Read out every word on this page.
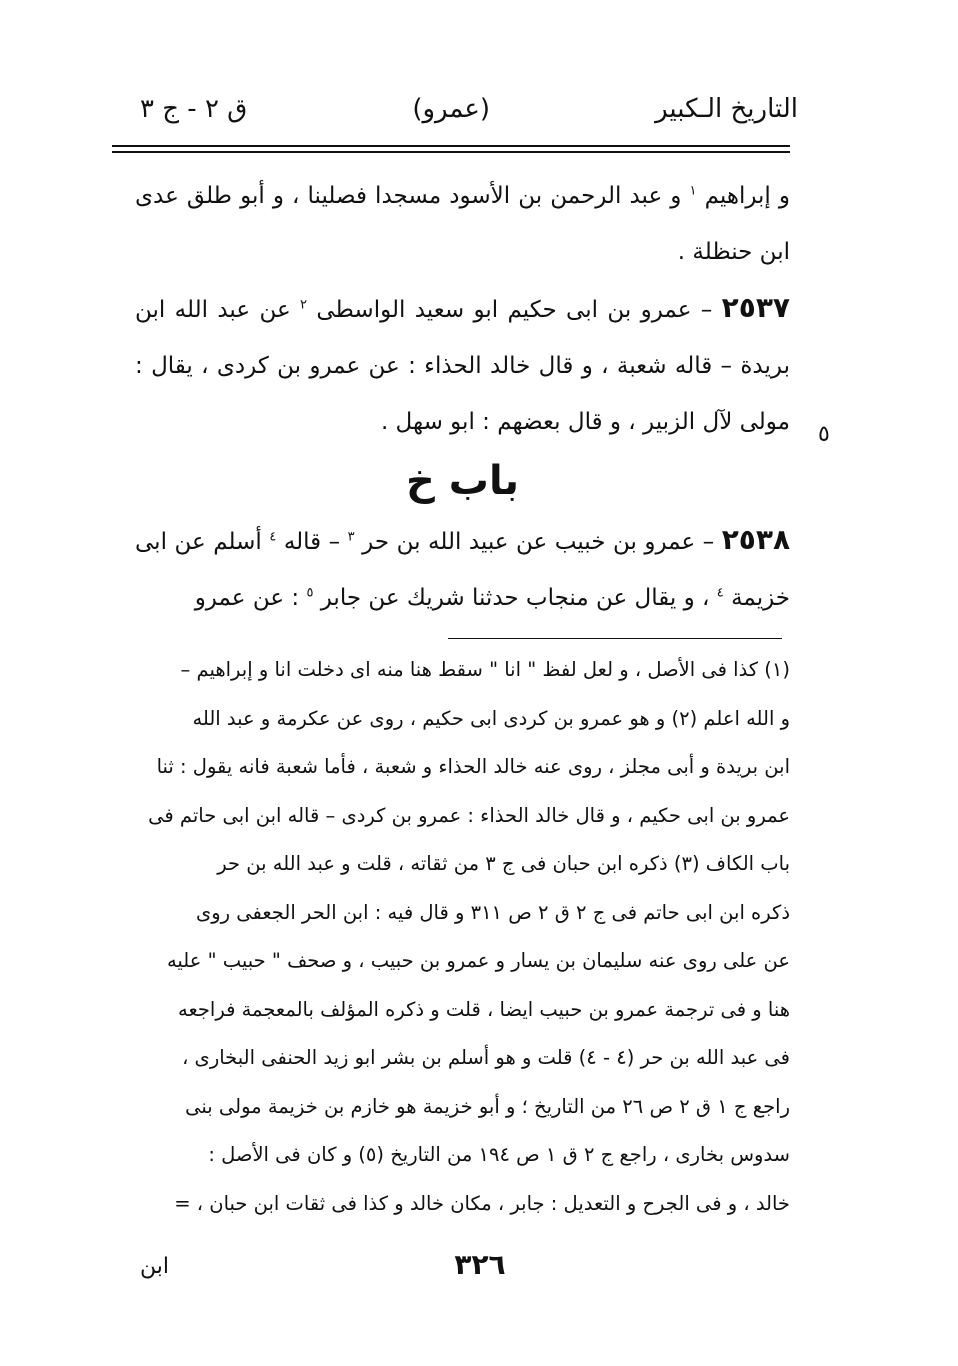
التاريخ الـكبير
(عمرو)
ق ٢ - ج ٣

و إبراهيم $^١$ و عبد الرحمن بن الأسود مسجدا فصلينا ، و أبو طلق عدى ابن حنظلة .

٢٥٣٧ – عمرو بن ابى حكيم ابو سعيد الواسطى $^٢$ عن عبد الله ابن بريدة – قاله شعبة ، و قال خالد الحذاء : عن عمرو بن كردى ، يقال : مولى لآل الزبير ، و قال بعضهم : ابو سهل .

باب خ

٢٥٣٨ – عمرو بن خبيب عن عبيد الله بن حر $^٣$ – قاله $^٤$ أسلم عن ابى خزيمة $^٤$ ، و يقال عن منجاب حدثنا شريك عن جابر $^٥$ : عن عمرو

٥

(١) كذا فى الأصل ، و لعل لفظ " انا " سقط هنا منه اى دخلت انا و إبراهيم –

و الله اعلم (٢) و هو عمرو بن كردى ابى حكيم ، روى عن عكرمة و عبد الله

ابن بريدة و أبى مجلز ، روى عنه خالد الحذاء و شعبة ، فأما شعبة فانه يقول : ثنا

عمرو بن ابى حكيم ، و قال خالد الحذاء : عمرو بن كردى – قاله ابن ابى حاتم فى

باب الكاف (٣) ذكره ابن حبان فى ج ٣ من ثقاته ، قلت و عبد الله بن حر

ذكره ابن ابى حاتم فى ج ٢ ق ٢ ص ٣١١ و قال فيه : ابن الحر الجعفى روى

عن على روى عنه سليمان بن يسار و عمرو بن حبيب ، و صحف " حبيب " عليه

هنا و فى ترجمة عمرو بن حبيب ايضا ، قلت و ذكره المؤلف بالمعجمة فراجعه

فى عبد الله بن حر (٤ - ٤) قلت و هو أسلم بن بشر ابو زيد الحنفى البخارى ،

راجع ج ١ ق ٢ ص ٢٦ من التاريخ ؛ و أبو خزيمة هو خازم بن خزيمة مولى بنى

سدوس بخارى ، راجع ج ٢ ق ١ ص ١٩٤ من التاريخ (٥) و كان فى الأصل :

خالد ، و فى الجرح و التعديل : جابر ، مكان خالد و كذا فى ثقات ابن حبان ، =

٣٢٦
ابن
